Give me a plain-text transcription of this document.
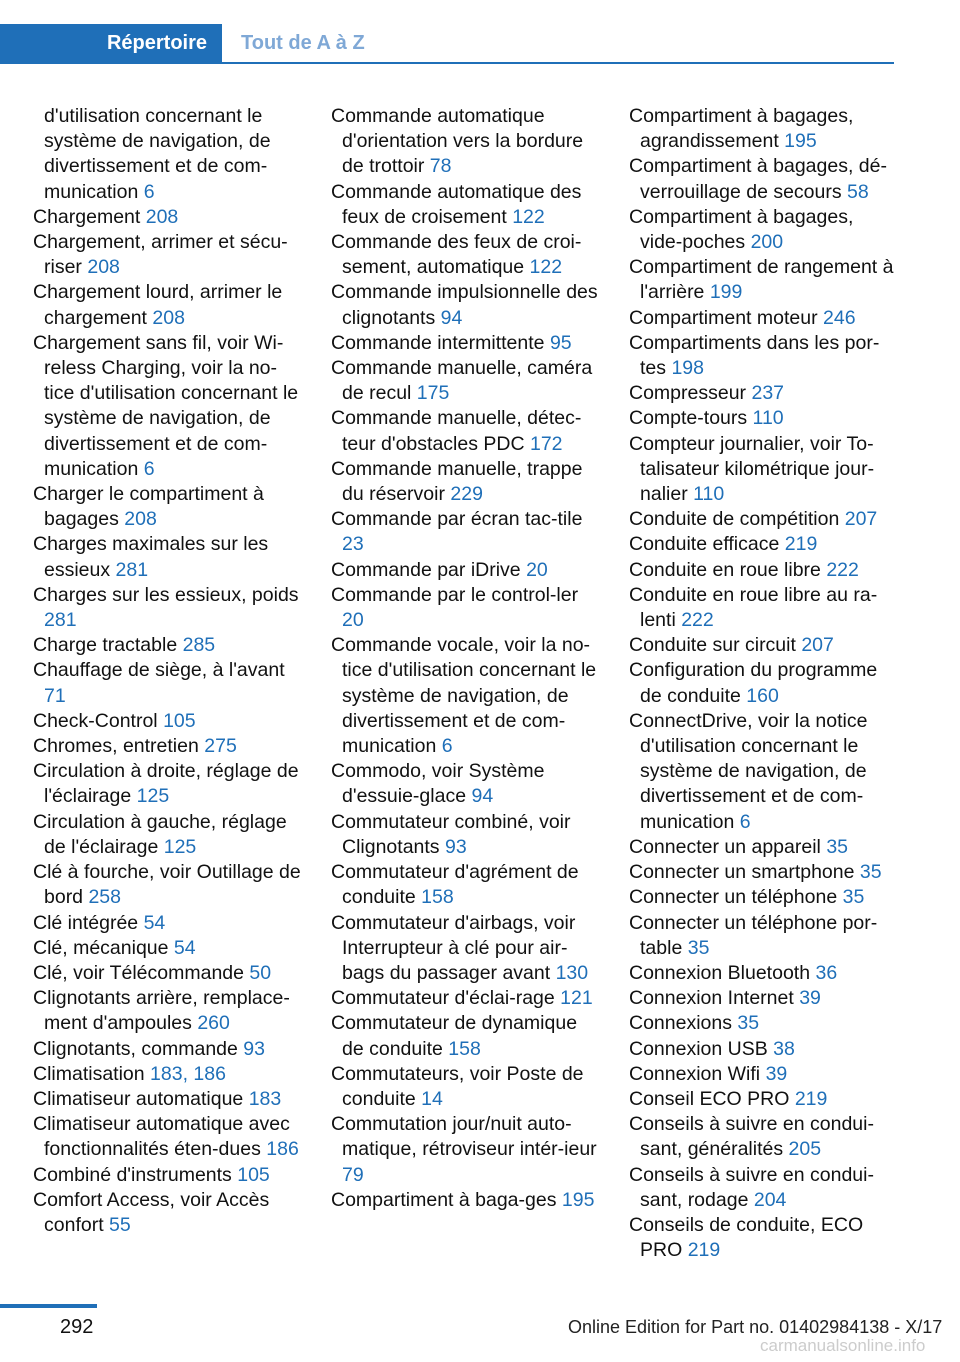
Répertoire	Tout de A à Z
d'utilisation concernant le système de navigation, de divertissement et de com‐munication 6
Chargement 208
Chargement, arrimer et sécu‐riser 208
Chargement lourd, arrimer le chargement 208
Chargement sans fil, voir Wi‐reless Charging, voir la no‐tice d'utilisation concernant le système de navigation, de divertissement et de com‐munication 6
Charger le compartiment à bagages 208
Charges maximales sur les essieux 281
Charges sur les essieux, poids 281
Charge tractable 285
Chauffage de siège, à l'avant 71
Check-Control 105
Chromes, entretien 275
Circulation à droite, réglage de l'éclairage 125
Circulation à gauche, réglage de l'éclairage 125
Clé à fourche, voir Outillage de bord 258
Clé intégrée 54
Clé, mécanique 54
Clé, voir Télécommande 50
Clignotants arrière, remplace‐ment d'ampoules 260
Clignotants, commande 93
Climatisation 183, 186
Climatiseur automatique 183
Climatiseur automatique avec fonctionnalités éten‐dues 186
Combiné d'instruments 105
Comfort Access, voir Accès confort 55
Commande automatique d'orientation vers la bordure de trottoir 78
Commande automatique des feux de croisement 122
Commande des feux de croi‐sement, automatique 122
Commande impulsionnelle des clignotants 94
Commande intermittente 95
Commande manuelle, caméra de recul 175
Commande manuelle, détec‐teur d'obstacles PDC 172
Commande manuelle, trappe du réservoir 229
Commande par écran tac‐tile 23
Commande par iDrive 20
Commande par le control‐ler 20
Commande vocale, voir la no‐tice d'utilisation concernant le système de navigation, de divertissement et de com‐munication 6
Commodo, voir Système d'essuie-glace 94
Commutateur combiné, voir Clignotants 93
Commutateur d'agrément de conduite 158
Commutateur d'airbags, voir Interrupteur à clé pour air‐bags du passager avant 130
Commutateur d'éclai‐rage 121
Commutateur de dynamique de conduite 158
Commutateurs, voir Poste de conduite 14
Commutation jour/nuit auto‐matique, rétroviseur intér‐ieur 79
Compartiment à baga‐ges 195
Compartiment à bagages, agrandissement 195
Compartiment à bagages, dé‐verrouillage de secours 58
Compartiment à bagages, vide-poches 200
Compartiment de rangement à l'arrière 199
Compartiment moteur 246
Compartiments dans les por‐tes 198
Compresseur 237
Compte-tours 110
Compteur journalier, voir To‐talisateur kilométrique jour‐nalier 110
Conduite de compétition 207
Conduite efficace 219
Conduite en roue libre 222
Conduite en roue libre au ra‐lenti 222
Conduite sur circuit 207
Configuration du programme de conduite 160
ConnectDrive, voir la notice d'utilisation concernant le système de navigation, de divertissement et de com‐munication 6
Connecter un appareil 35
Connecter un smartphone 35
Connecter un téléphone 35
Connecter un téléphone por‐table 35
Connexion Bluetooth 36
Connexion Internet 39
Connexions 35
Connexion USB 38
Connexion Wifi 39
Conseil ECO PRO 219
Conseils à suivre en condui‐sant, généralités 205
Conseils à suivre en condui‐sant, rodage 204
Conseils de conduite, ECO PRO 219
292	Online Edition for Part no. 01402984138 - X/17
carmanualsonline.info
